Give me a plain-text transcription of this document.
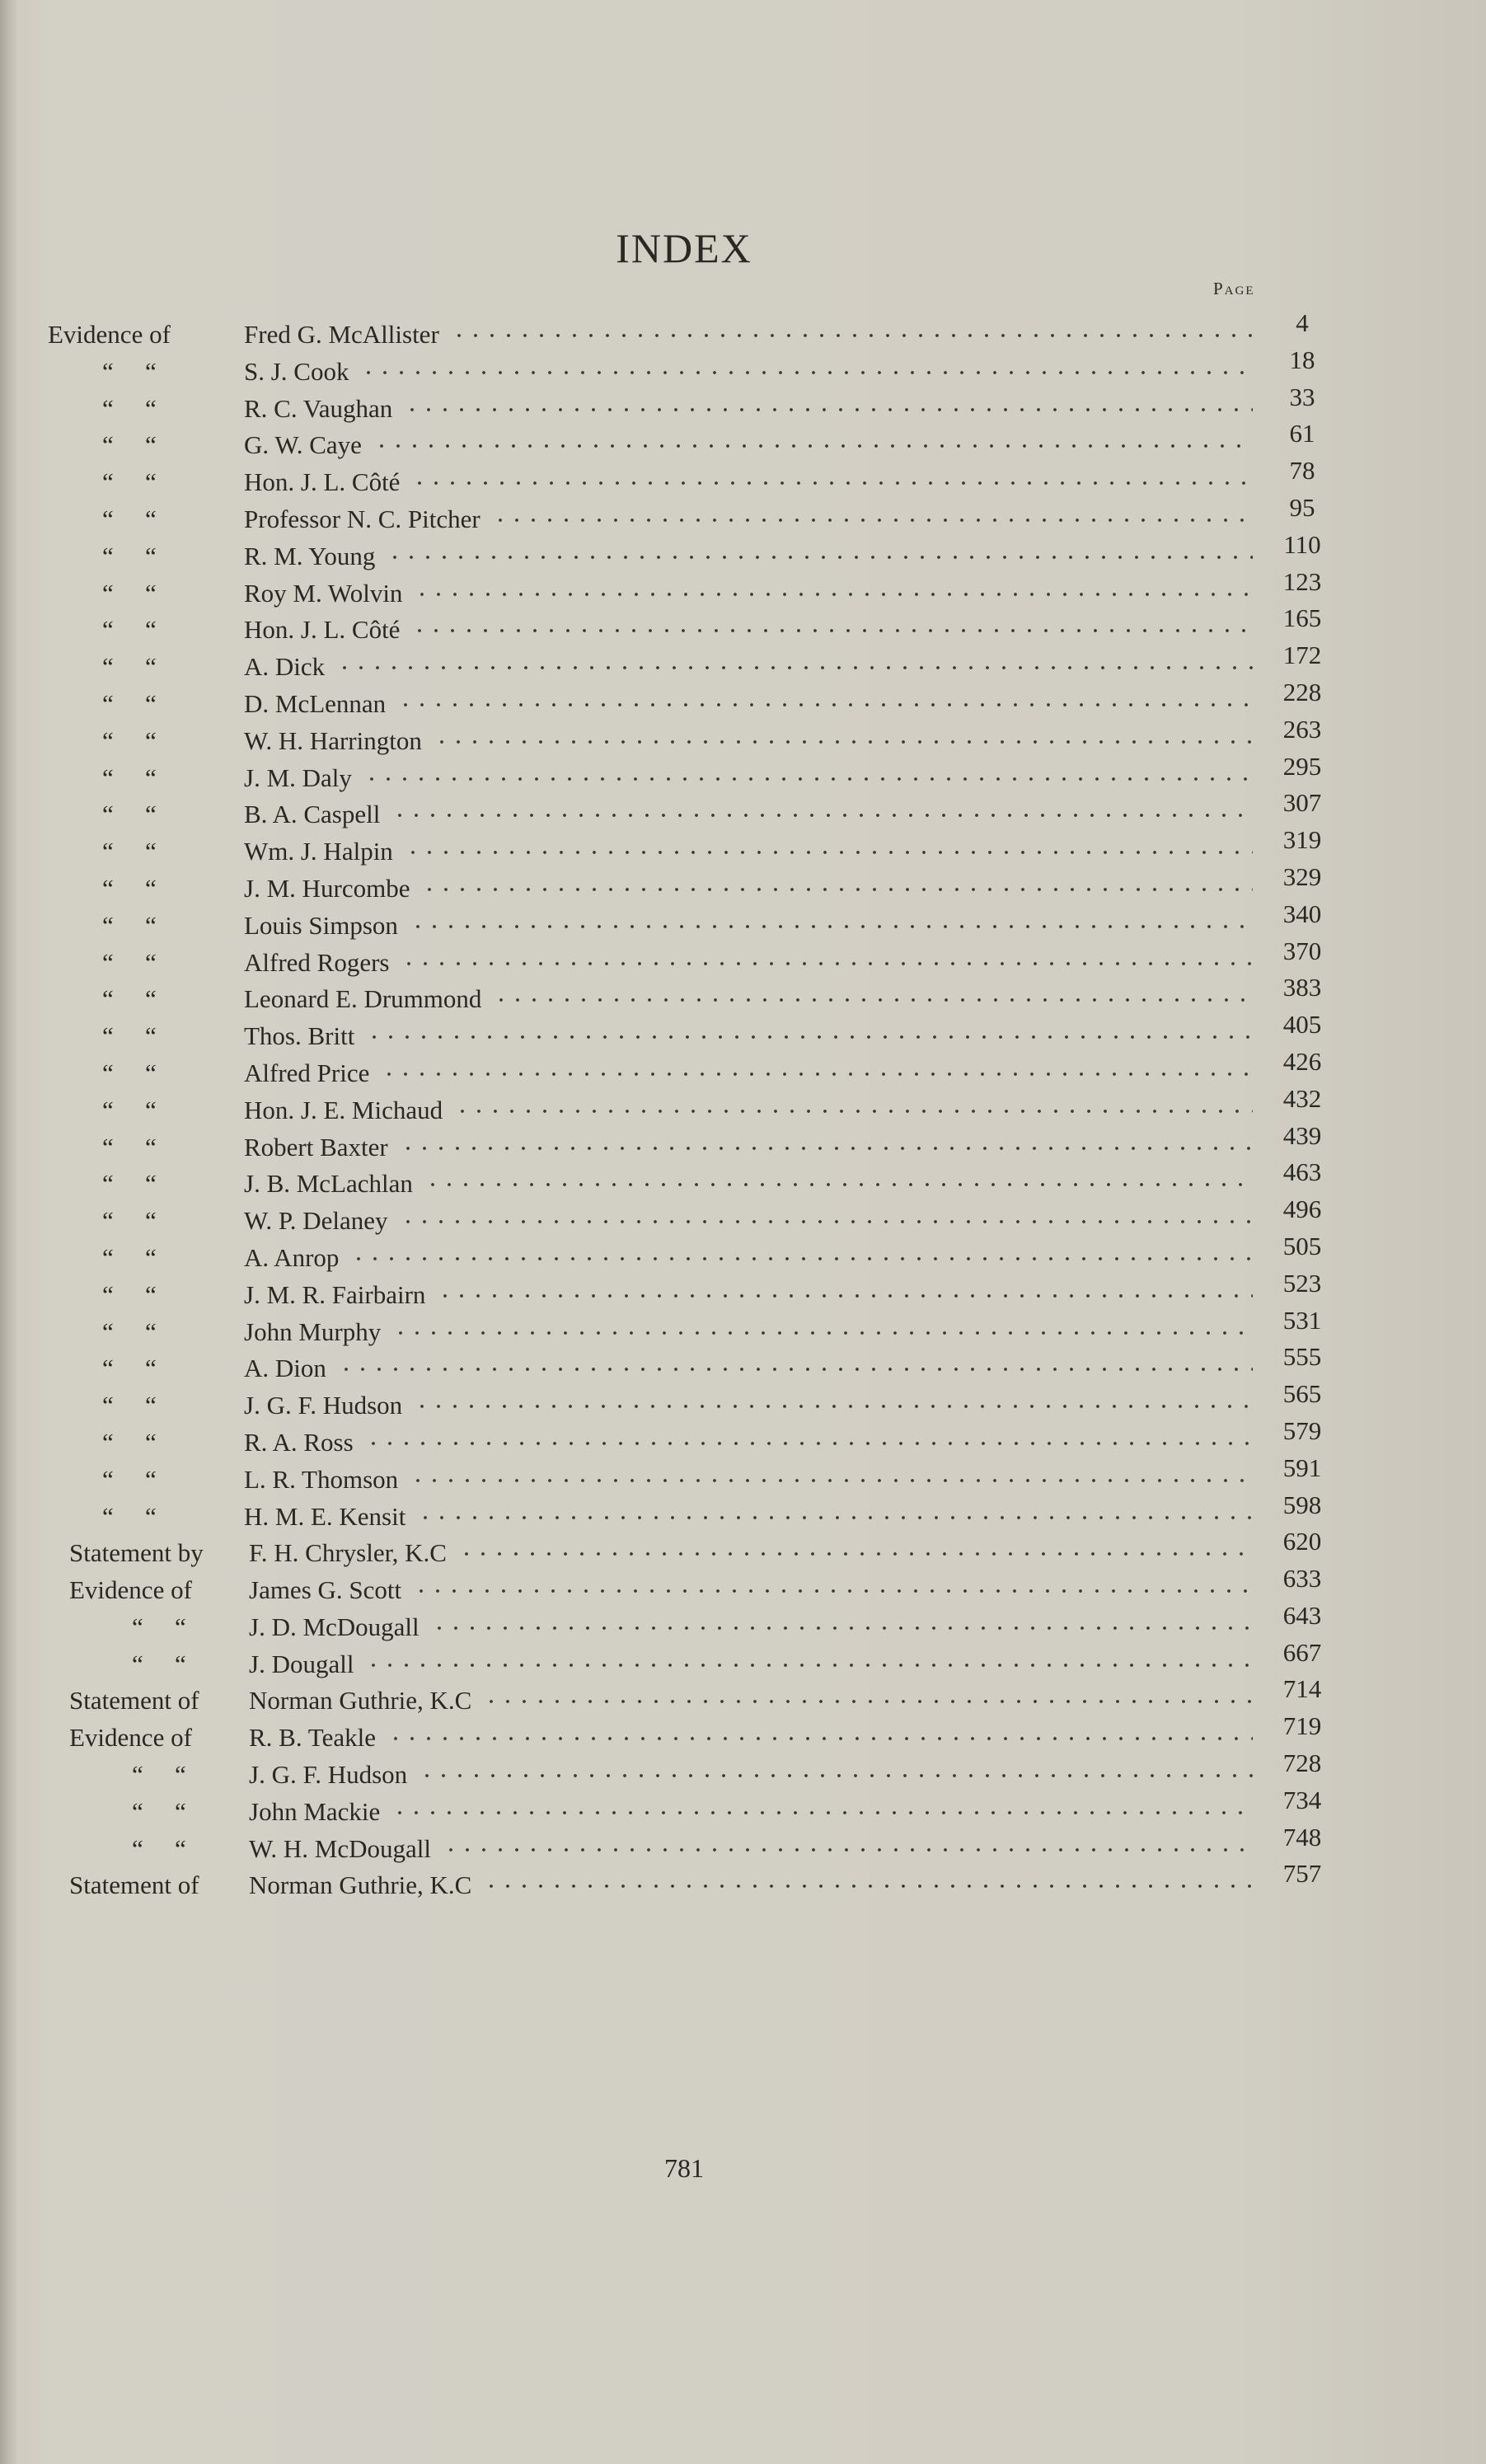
INDEX
Page
Evidence of	Fred G. McAllister	4
“ “	S. J. Cook	18
“ “	R. C. Vaughan	33
“ “	G. W. Caye	61
“ “	Hon. J. L. Côté	78
“ “	Professor N. C. Pitcher	95
“ “	R. M. Young	110
“ “	Roy M. Wolvin	123
“ “	Hon. J. L. Côté	165
“ “	A. Dick	172
“ “	D. McLennan	228
“ “	W. H. Harrington	263
“ “	J. M. Daly	295
“ “	B. A. Caspell	307
“ “	Wm. J. Halpin	319
“ “	J. M. Hurcombe	329
“ “	Louis Simpson	340
“ “	Alfred Rogers	370
“ “	Leonard E. Drummond	383
“ “	Thos. Britt	405
“ “	Alfred Price	426
“ “	Hon. J. E. Michaud	432
“ “	Robert Baxter	439
“ “	J. B. McLachlan	463
“ “	W. P. Delaney	496
“ “	A. Anrop	505
“ “	J. M. R. Fairbairn	523
“ “	John Murphy	531
“ “	A. Dion	555
“ “	J. G. F. Hudson	565
“ “	R. A. Ross	579
“ “	L. R. Thomson	591
“ “	H. M. E. Kensit	598
Statement by F. H. Chrysler, K.C	620
Evidence of James G. Scott	633
“ “	J. D. McDougall	643
“ “	J. Dougall	667
Statement of Norman Guthrie, K.C	714
Evidence of R. B. Teakle	719
“ “	J. G. F. Hudson	728
“ “	John Mackie	734
“ “	W. H. McDougall	748
Statement of Norman Guthrie, K.C	757
781
